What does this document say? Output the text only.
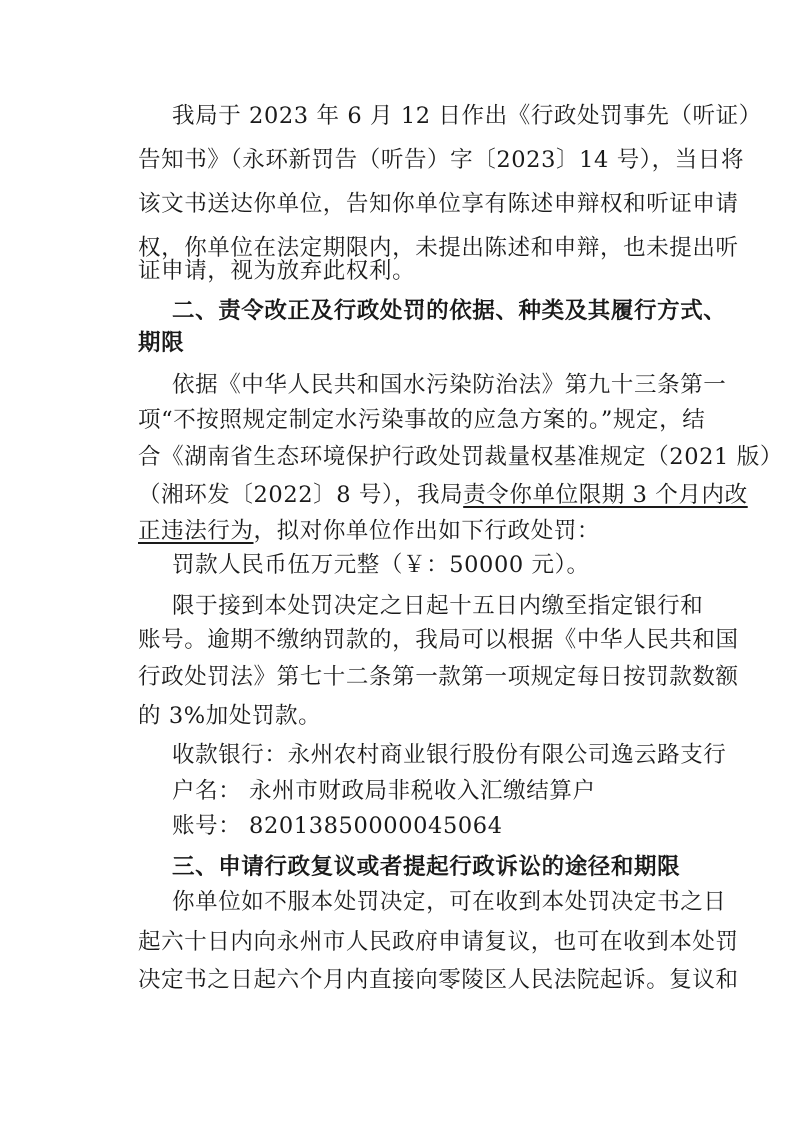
我局于 2023 年 6 月 12 日作出《行政处罚事先（听证）
告知书》（永环新罚告（听告）字〔2023〕14 号），当日将
该文书送达你单位，告知你单位享有陈述申辩权和听证申请
权，你单位在法定期限内，未提出陈述和申辩，也未提出听
证申请，视为放弃此权利。
二、责令改正及行政处罚的依据、种类及其履行方式、
期限
依据《中华人民共和国水污染防治法》第九十三条第一
项“不按照规定制定水污染事故的应急方案的。”规定，结
合《湖南省生态环境保护行政处罚裁量权基准规定（2021 版）
（湘环发〔2022〕8 号），我局责令你单位限期 3 个月内改
正违法行为，拟对你单位作出如下行政处罚：
罚款人民币伍万元整（￥：50000 元）。
限于接到本处罚决定之日起十五日内缴至指定银行和
账号。逾期不缴纳罚款的，我局可以根据《中华人民共和国
行政处罚法》第七十二条第一款第一项规定每日按罚款数额
的 3%加处罚款。
收款银行：永州农村商业银行股份有限公司逸云路支行
户名： 永州市财政局非税收入汇缴结算户
账号： 82013850000045064
三、申请行政复议或者提起行政诉讼的途径和期限
你单位如不服本处罚决定，可在收到本处罚决定书之日
起六十日内向永州市人民政府申请复议，也可在收到本处罚
决定书之日起六个月内直接向零陵区人民法院起诉。复议和
